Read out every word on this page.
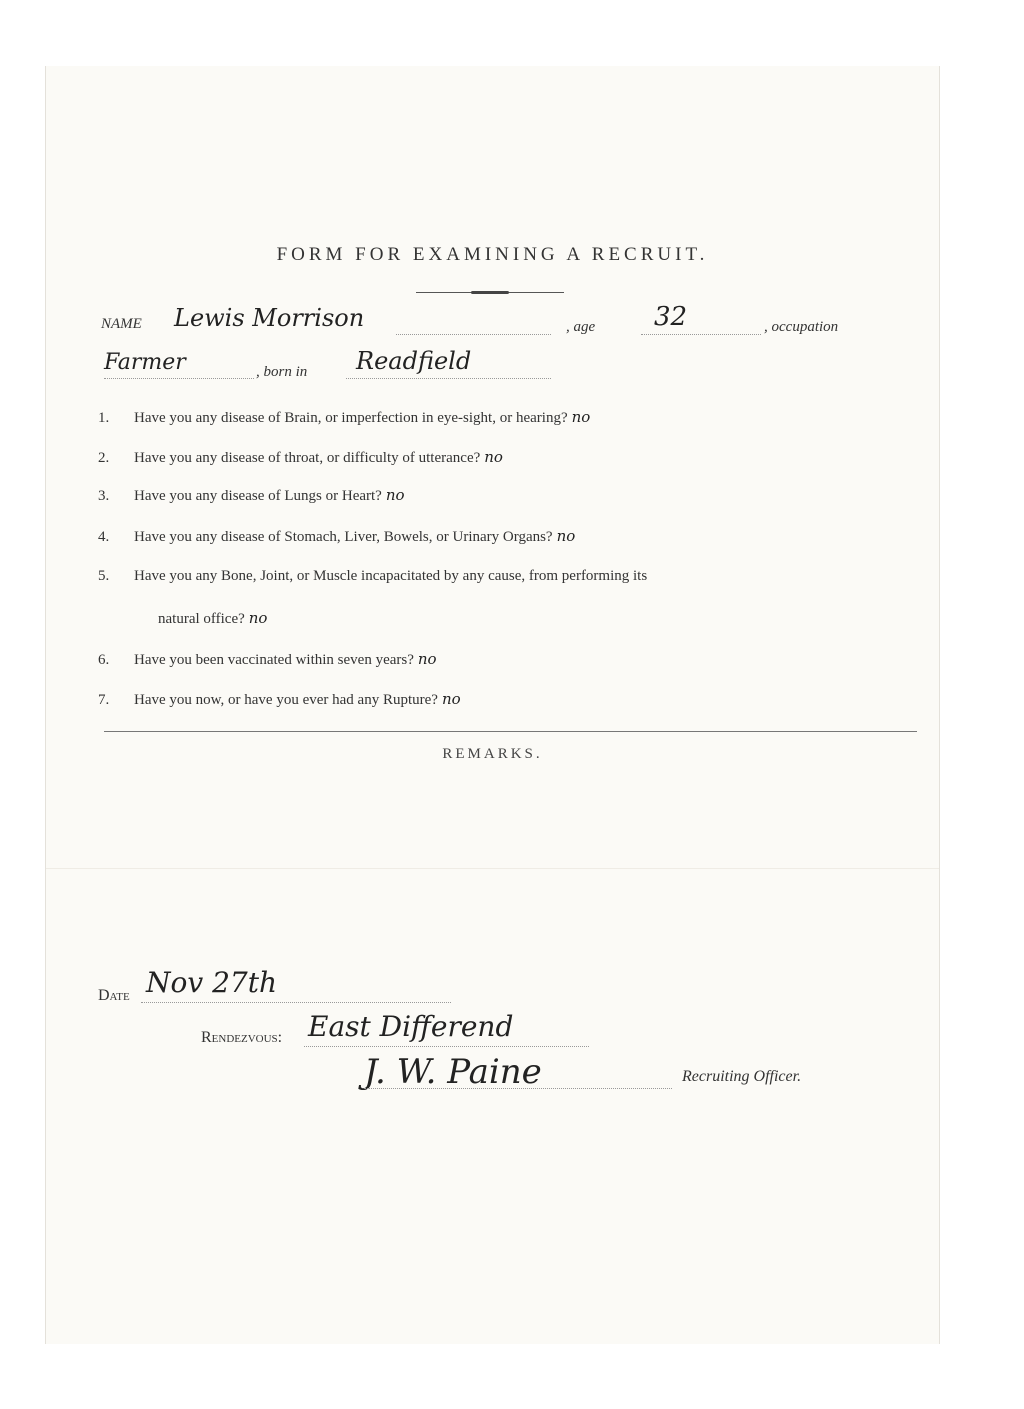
FORM FOR EXAMINING A RECRUIT.
NAME Lewis Morrison	, age 32	, occupation
Farmer	, born in Readfield
1. Have you any disease of Brain, or imperfection in eye-sight, or hearing? no
2. Have you any disease of throat, or difficulty of utterance? no
3. Have you any disease of Lungs or Heart? no
4. Have you any disease of Stomach, Liver, Bowels, or Urinary Organs? no
5. Have you any Bone, Joint, or Muscle incapacitated by any cause, from performing its
natural office? no
6. Have you been vaccinated within seven years? no
7. Have you now, or have you ever had any Rupture? no
REMARKS.
Date Nov 27th
Rendezvous: East Differend
J. W. Paine	Recruiting Officer.
